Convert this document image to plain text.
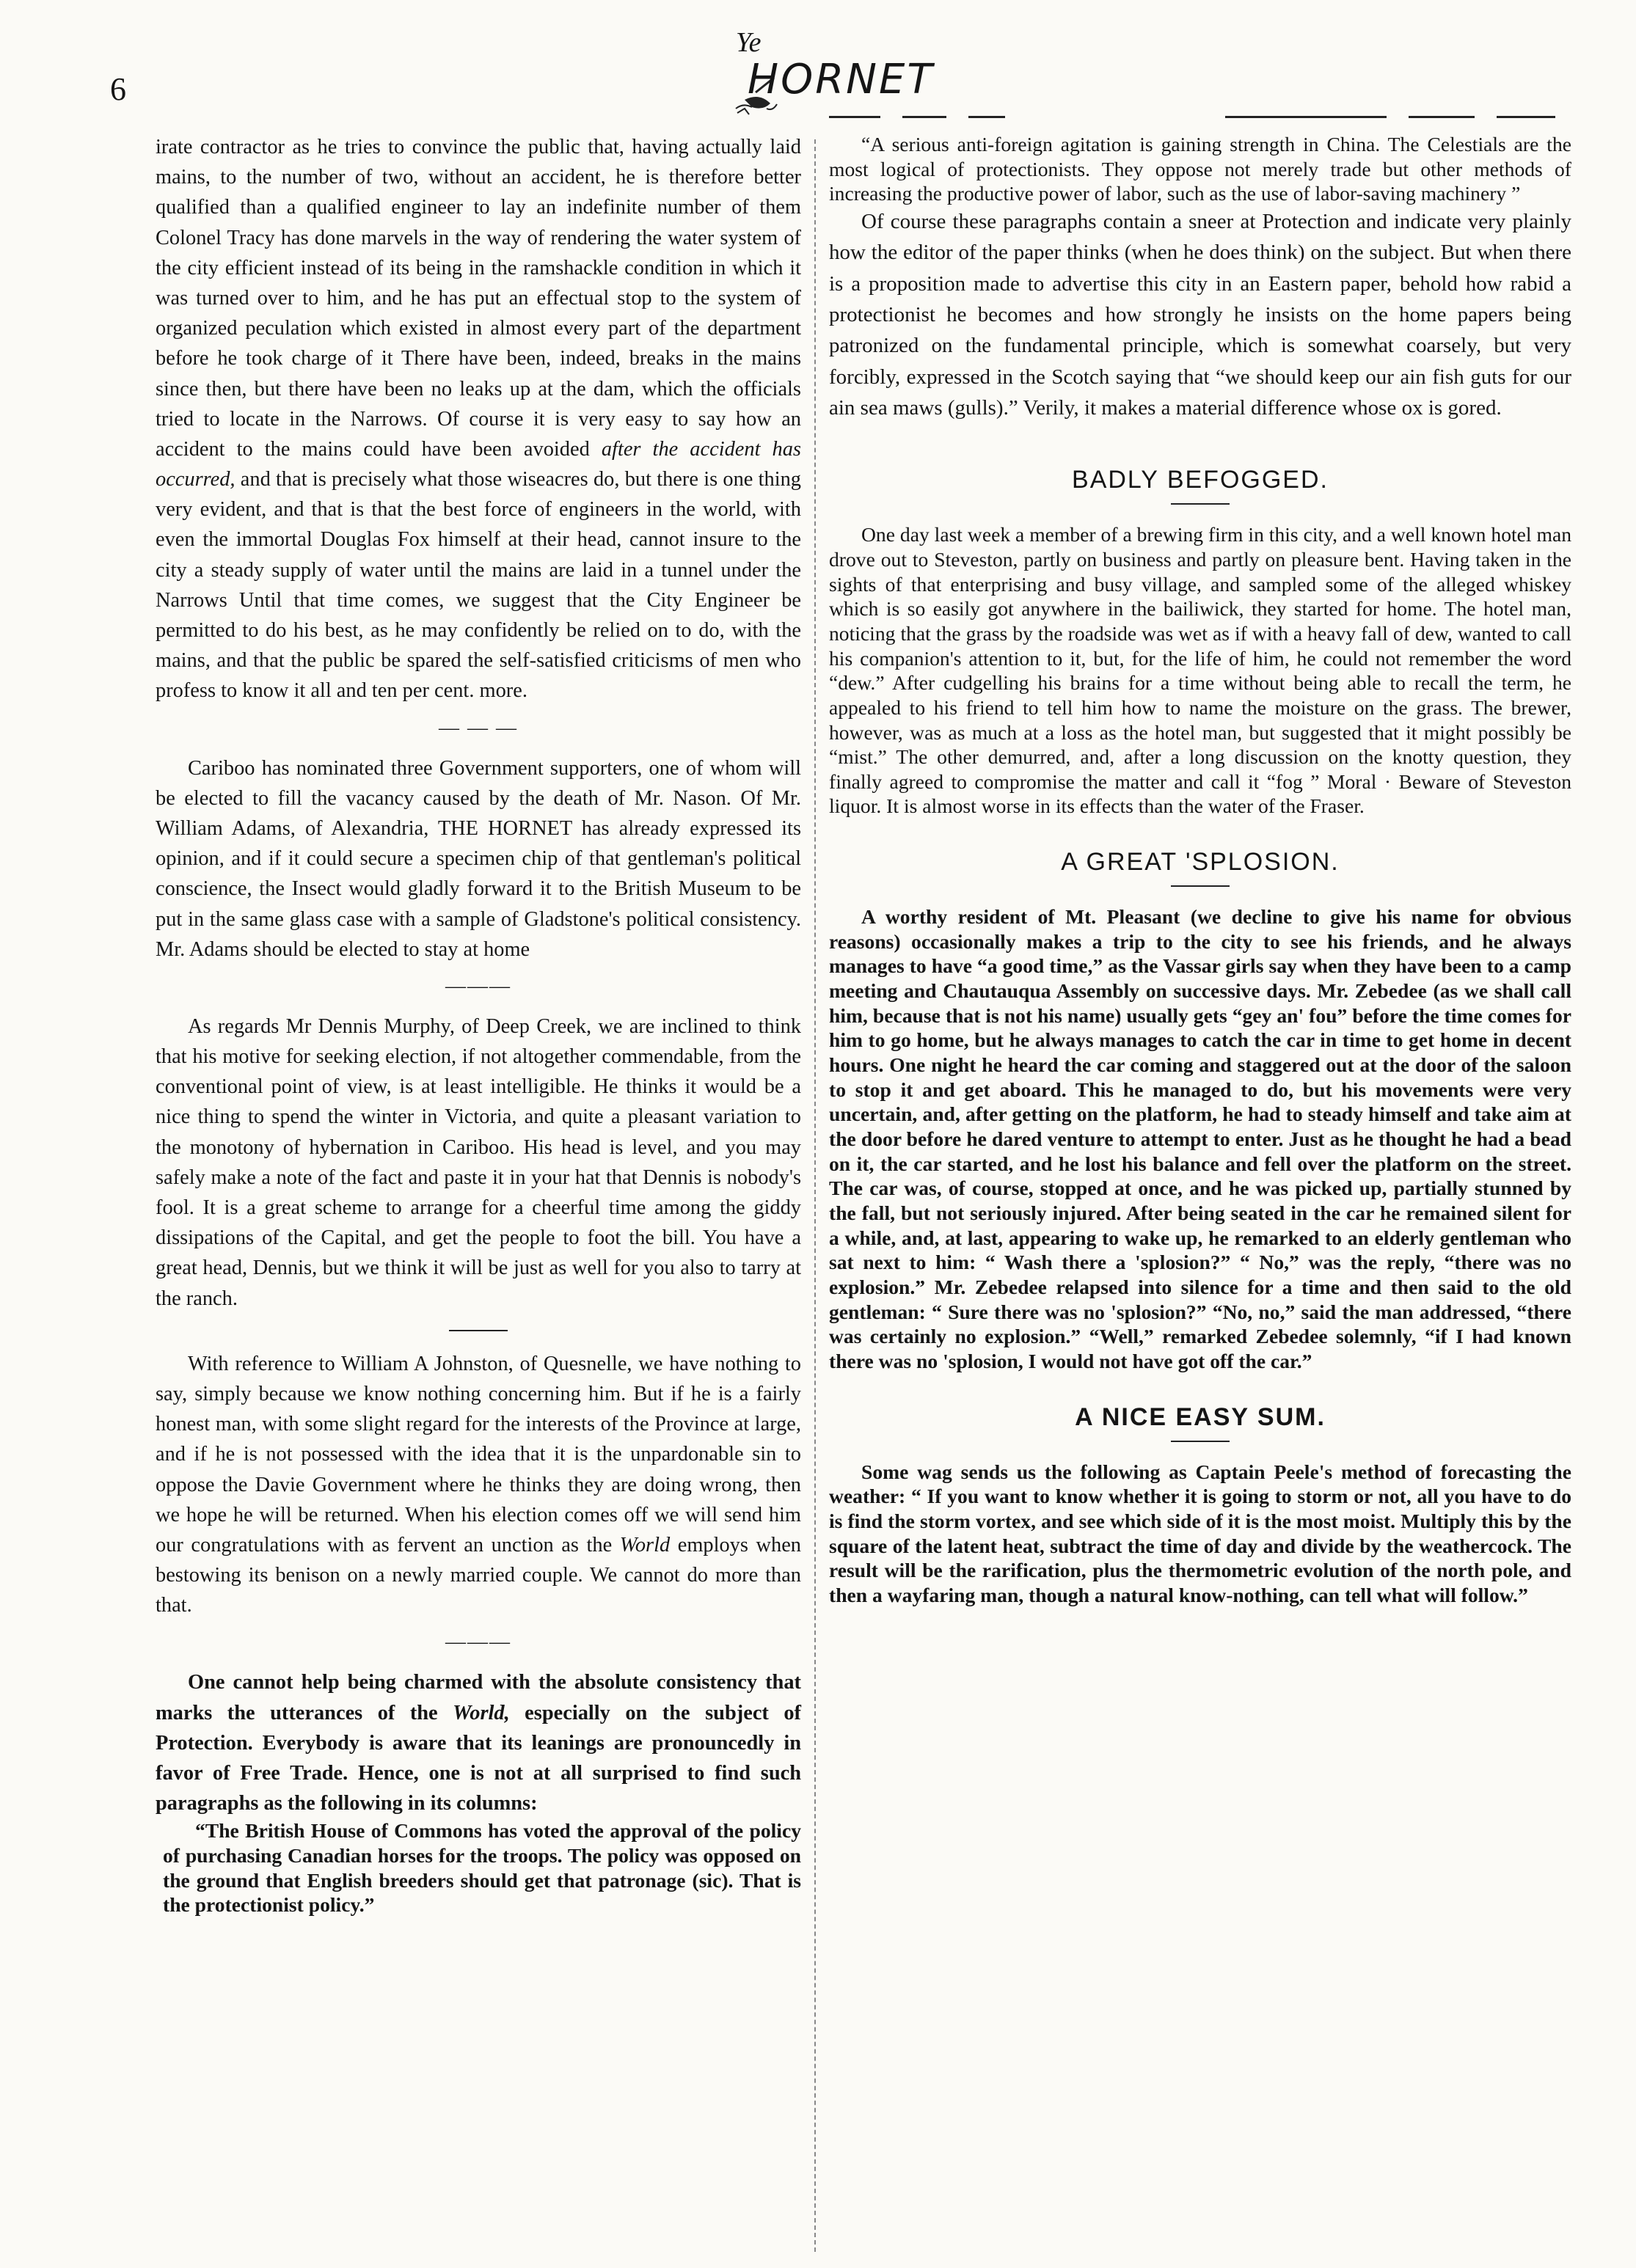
6
Ye
HORNET

irate contractor as he tries to convince the public that, having actually laid mains, to the number of two, without an accident, he is therefore better qualified than a qualified engineer to lay an indefinite number of them Colonel Tracy has done marvels in the way of rendering the water system of the city efficient instead of its being in the ramshackle condition in which it was turned over to him, and he has put an effectual stop to the system of organized peculation which existed in almost every part of the department before he took charge of it There have been, indeed, breaks in the mains since then, but there have been no leaks up at the dam, which the officials tried to locate in the Narrows. Of course it is very easy to say how an accident to the mains could have been avoided after the accident has occurred, and that is precisely what those wiseacres do, but there is one thing very evident, and that is that the best force of engineers in the world, with even the immortal Douglas Fox himself at their head, cannot insure to the city a steady supply of water until the mains are laid in a tunnel under the Narrows Until that time comes, we suggest that the City Engineer be permitted to do his best, as he may confidently be relied on to do, with the mains, and that the public be spared the self-satisfied criticisms of men who profess to know it all and ten per cent. more.

— — —

Cariboo has nominated three Government supporters, one of whom will be elected to fill the vacancy caused by the death of Mr. Nason. Of Mr. William Adams, of Alexandria, THE HORNET has already expressed its opinion, and if it could secure a specimen chip of that gentleman's political conscience, the Insect would gladly forward it to the British Museum to be put in the same glass case with a sample of Gladstone's political consistency. Mr. Adams should be elected to stay at home

———

As regards Mr Dennis Murphy, of Deep Creek, we are inclined to think that his motive for seeking election, if not altogether commendable, from the conventional point of view, is at least intelligible. He thinks it would be a nice thing to spend the winter in Victoria, and quite a pleasant variation to the monotony of hybernation in Cariboo. His head is level, and you may safely make a note of the fact and paste it in your hat that Dennis is nobody's fool. It is a great scheme to arrange for a cheerful time among the giddy dissipations of the Capital, and get the people to foot the bill. You have a great head, Dennis, but we think it will be just as well for you also to tarry at the ranch.

With reference to William A Johnston, of Quesnelle, we have nothing to say, simply because we know nothing concerning him. But if he is a fairly honest man, with some slight regard for the interests of the Province at large, and if he is not possessed with the idea that it is the unpardonable sin to oppose the Davie Government where he thinks they are doing wrong, then we hope he will be returned. When his election comes off we will send him our congratulations with as fervent an unction as the World employs when bestowing its benison on a newly married couple. We cannot do more than that.

———

One cannot help being charmed with the absolute consistency that marks the utterances of the World, especially on the subject of Protection. Everybody is aware that its leanings are pronouncedly in favor of Free Trade. Hence, one is not at all surprised to find such paragraphs as the following in its columns:

“The British House of Commons has voted the approval of the policy of purchasing Canadian horses for the troops. The policy was opposed on the ground that English breeders should get that patronage (sic). That is the protectionist policy.”

“A serious anti-foreign agitation is gaining strength in China. The Celestials are the most logical of protectionists. They oppose not merely trade but other methods of increasing the productive power of labor, such as the use of labor-saving machinery ”

Of course these paragraphs contain a sneer at Protection and indicate very plainly how the editor of the paper thinks (when he does think) on the subject. But when there is a proposition made to advertise this city in an Eastern paper, behold how rabid a protectionist he becomes and how strongly he insists on the home papers being patronized on the fundamental principle, which is somewhat coarsely, but very forcibly, expressed in the Scotch saying that “we should keep our ain fish guts for our ain sea maws (gulls).” Verily, it makes a material difference whose ox is gored.

BADLY BEFOGGED.

One day last week a member of a brewing firm in this city, and a well known hotel man drove out to Steveston, partly on business and partly on pleasure bent. Having taken in the sights of that enterprising and busy village, and sampled some of the alleged whiskey which is so easily got anywhere in the bailiwick, they started for home. The hotel man, noticing that the grass by the roadside was wet as if with a heavy fall of dew, wanted to call his companion's attention to it, but, for the life of him, he could not remember the word “dew.” After cudgelling his brains for a time without being able to recall the term, he appealed to his friend to tell him how to name the moisture on the grass. The brewer, however, was as much at a loss as the hotel man, but suggested that it might possibly be “mist.” The other demurred, and, after a long discussion on the knotty question, they finally agreed to compromise the matter and call it “fog ” Moral · Beware of Steveston liquor. It is almost worse in its effects than the water of the Fraser.

A GREAT 'SPLOSION.

A worthy resident of Mt. Pleasant (we decline to give his name for obvious reasons) occasionally makes a trip to the city to see his friends, and he always manages to have “a good time,” as the Vassar girls say when they have been to a camp meeting and Chautauqua Assembly on successive days. Mr. Zebedee (as we shall call him, because that is not his name) usually gets “gey an' fou” before the time comes for him to go home, but he always manages to catch the car in time to get home in decent hours. One night he heard the car coming and staggered out at the door of the saloon to stop it and get aboard. This he managed to do, but his movements were very uncertain, and, after getting on the platform, he had to steady himself and take aim at the door before he dared venture to attempt to enter. Just as he thought he had a bead on it, the car started, and he lost his balance and fell over the platform on the street. The car was, of course, stopped at once, and he was picked up, partially stunned by the fall, but not seriously injured. After being seated in the car he remained silent for a while, and, at last, appearing to wake up, he remarked to an elderly gentleman who sat next to him: “ Wash there a 'splosion?” “ No,” was the reply, “there was no explosion.” Mr. Zebedee relapsed into silence for a time and then said to the old gentleman: “ Sure there was no 'splosion?” “No, no,” said the man addressed, “there was certainly no explosion.” “Well,” remarked Zebedee solemnly, “if I had known there was no 'splosion, I would not have got off the car.”

A NICE EASY SUM.

Some wag sends us the following as Captain Peele's method of forecasting the weather: “ If you want to know whether it is going to storm or not, all you have to do is find the storm vortex, and see which side of it is the most moist. Multiply this by the square of the latent heat, subtract the time of day and divide by the weathercock. The result will be the rarification, plus the thermometric evolution of the north pole, and then a wayfaring man, though a natural know-nothing, can tell what will follow.”
